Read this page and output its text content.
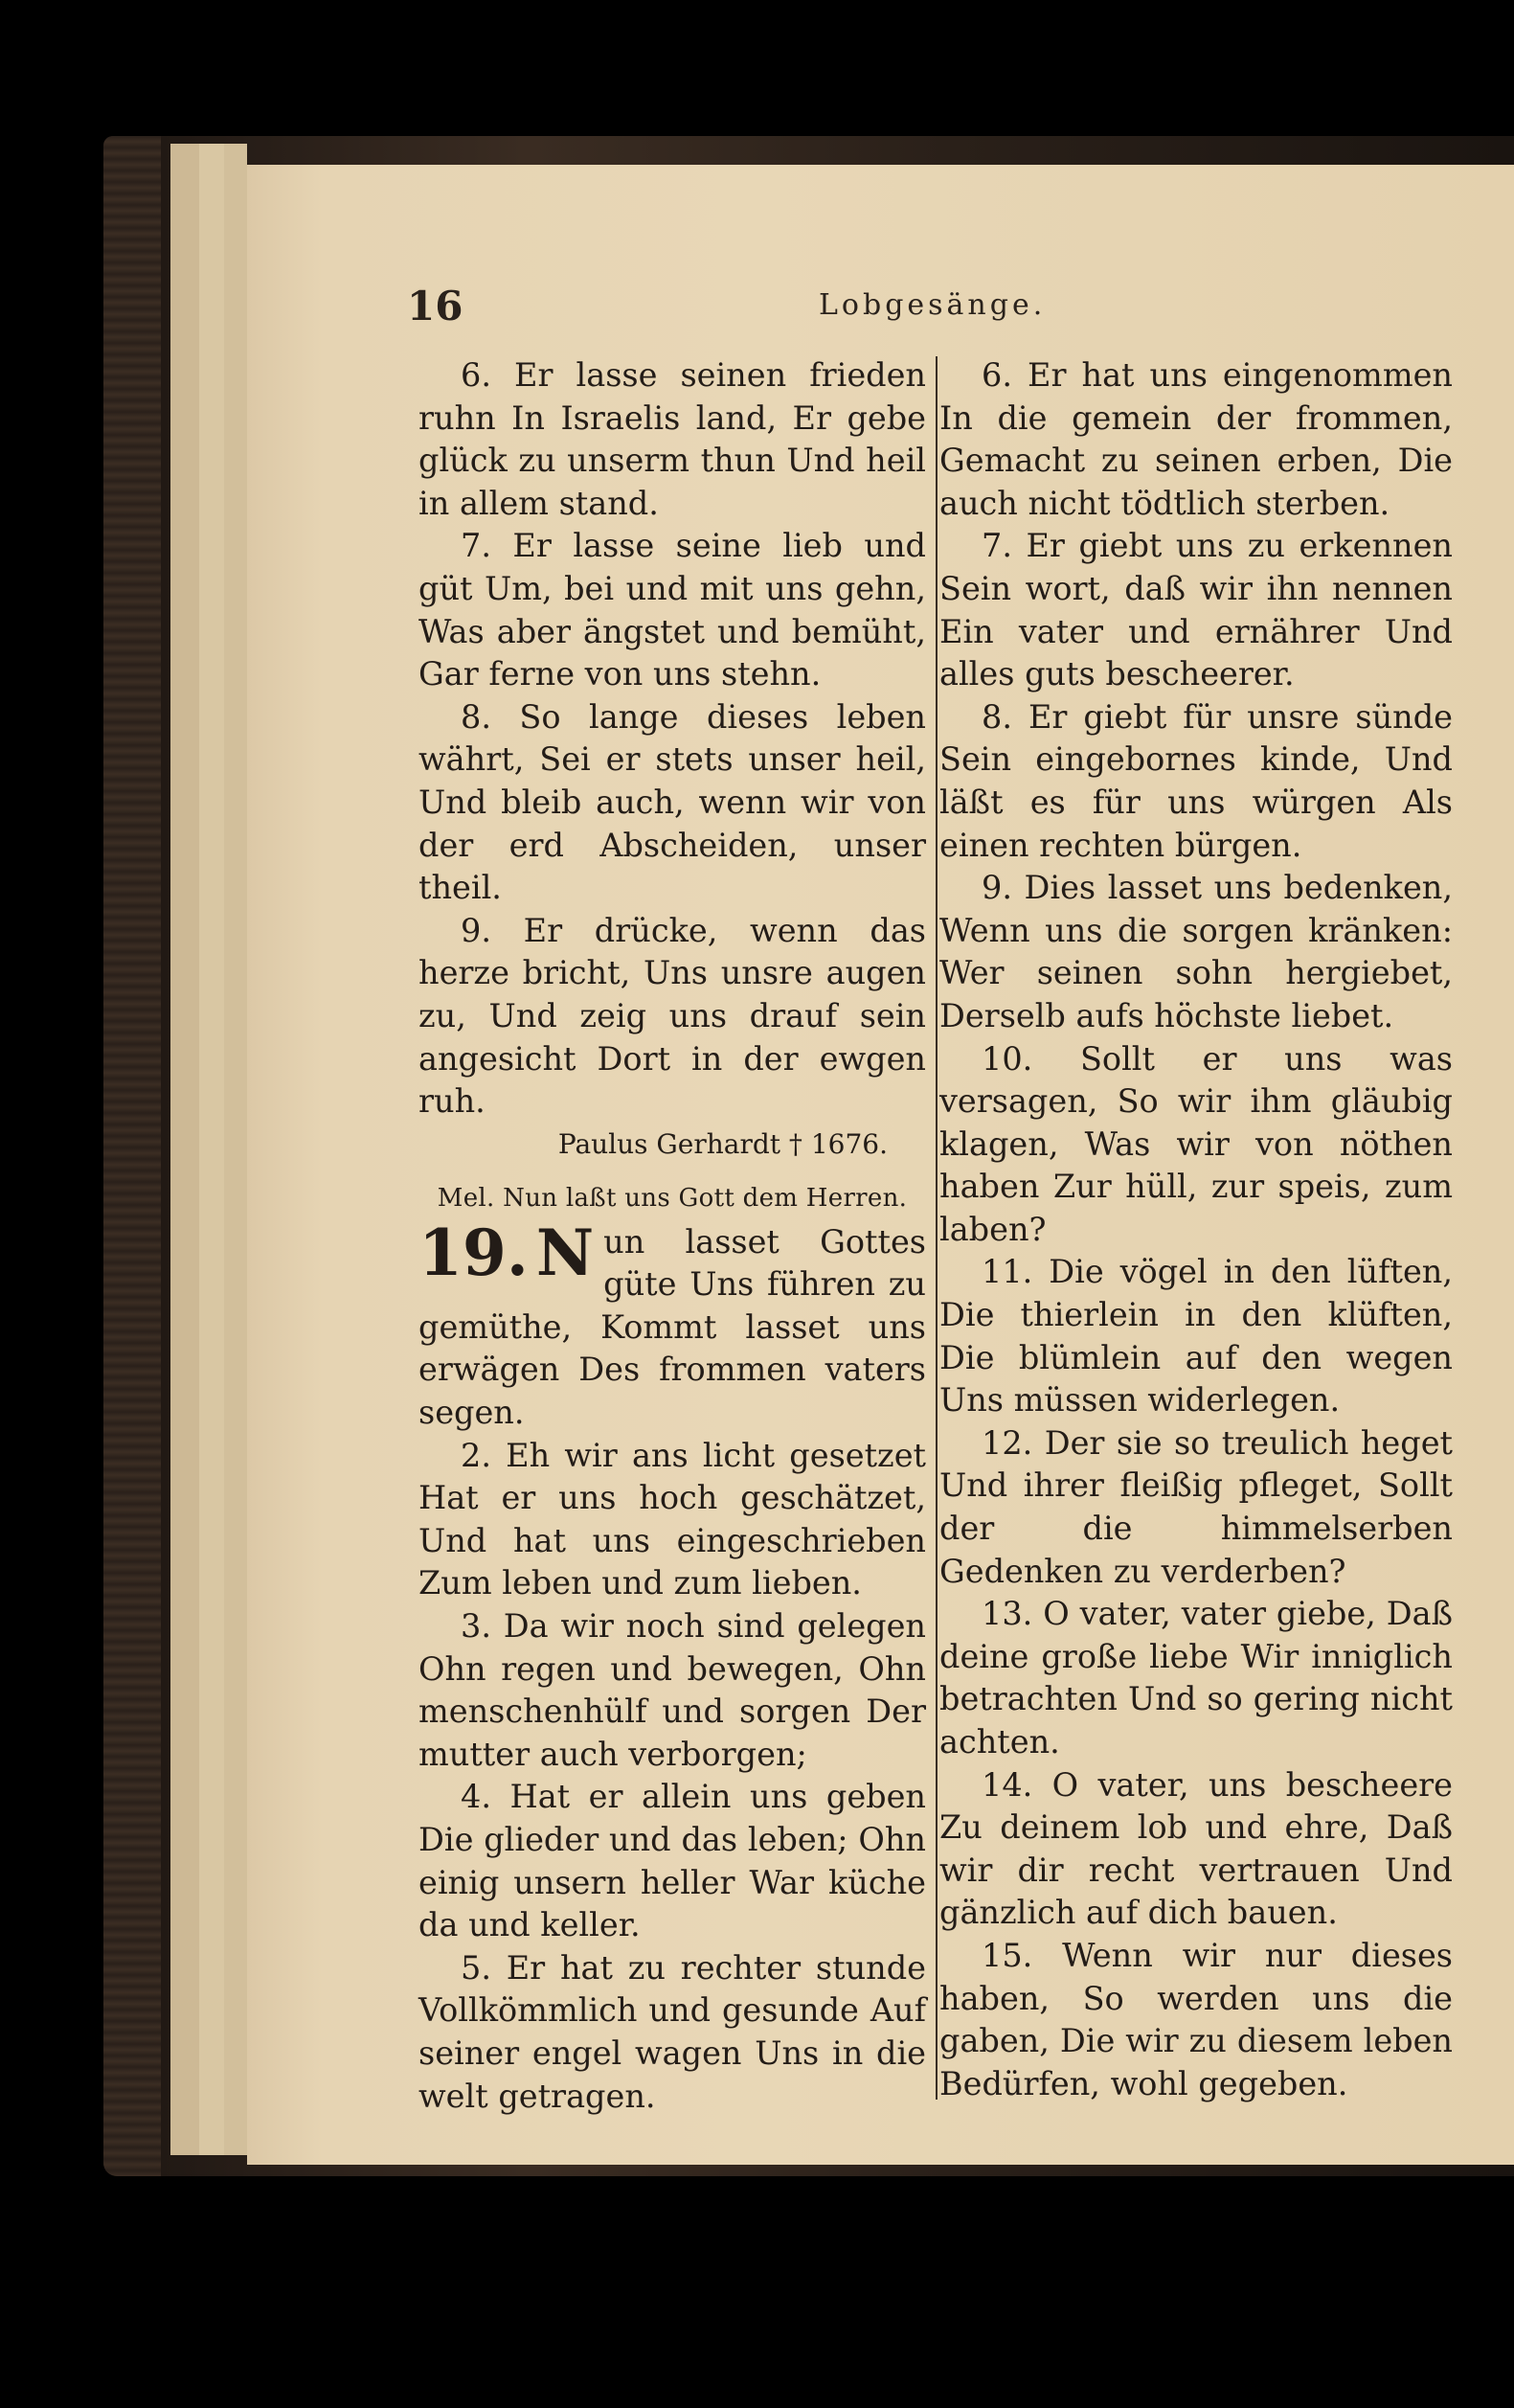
16	Lobgesänge.

6. Er lasse seinen frieden ruhn In Israelis land, Er gebe glück zu unserm thun Und heil in allem stand.

7. Er lasse seine lieb und güt Um, bei und mit uns gehn, Was aber ängstet und bemüht, Gar ferne von uns stehn.

8. So lange dieses leben währt, Sei er stets unser heil, Und bleib auch, wenn wir von der erd Abscheiden, unser theil.

9. Er drücke, wenn das herze bricht, Uns unsre augen zu, Und zeig uns drauf sein angesicht Dort in der ewgen ruh.

Paulus Gerhardt † 1676.

Mel. Nun laßt uns Gott dem Herren.

19. N un lasset Gottes güte Uns führen zu gemüthe, Kommt lasset uns erwägen Des frommen vaters segen.

2. Eh wir ans licht gesetzet Hat er uns hoch geschätzet, Und hat uns eingeschrieben Zum leben und zum lieben.

3. Da wir noch sind gelegen Ohn regen und bewegen, Ohn menschenhülf und sorgen Der mutter auch verborgen;

4. Hat er allein uns geben Die glieder und das leben; Ohn einig unsern heller War küche da und keller.

5. Er hat zu rechter stunde Vollkömmlich und gesunde Auf seiner engel wagen Uns in die welt getragen.

6. Er hat uns eingenommen In die gemein der frommen, Gemacht zu seinen erben, Die auch nicht tödtlich sterben.

7. Er giebt uns zu erkennen Sein wort, daß wir ihn nennen Ein vater und ernährer Und alles guts bescheerer.

8. Er giebt für unsre sünde Sein eingebornes kinde, Und läßt es für uns würgen Als einen rechten bürgen.

9. Dies lasset uns bedenken, Wenn uns die sorgen kränken: Wer seinen sohn hergiebet, Derselb aufs höchste liebet.

10. Sollt er uns was versagen, So wir ihm gläubig klagen, Was wir von nöthen haben Zur hüll, zur speis, zum laben?

11. Die vögel in den lüften, Die thierlein in den klüften, Die blümlein auf den wegen Uns müssen widerlegen.

12. Der sie so treulich heget Und ihrer fleißig pfleget, Sollt der die himmelserben Gedenken zu verderben?

13. O vater, vater giebe, Daß deine große liebe Wir inniglich betrachten Und so gering nicht achten.

14. O vater, uns bescheere Zu deinem lob und ehre, Daß wir dir recht vertrauen Und gänzlich auf dich bauen.

15. Wenn wir nur dieses haben, So werden uns die gaben, Die wir zu diesem leben Bedürfen, wohl gegeben.
